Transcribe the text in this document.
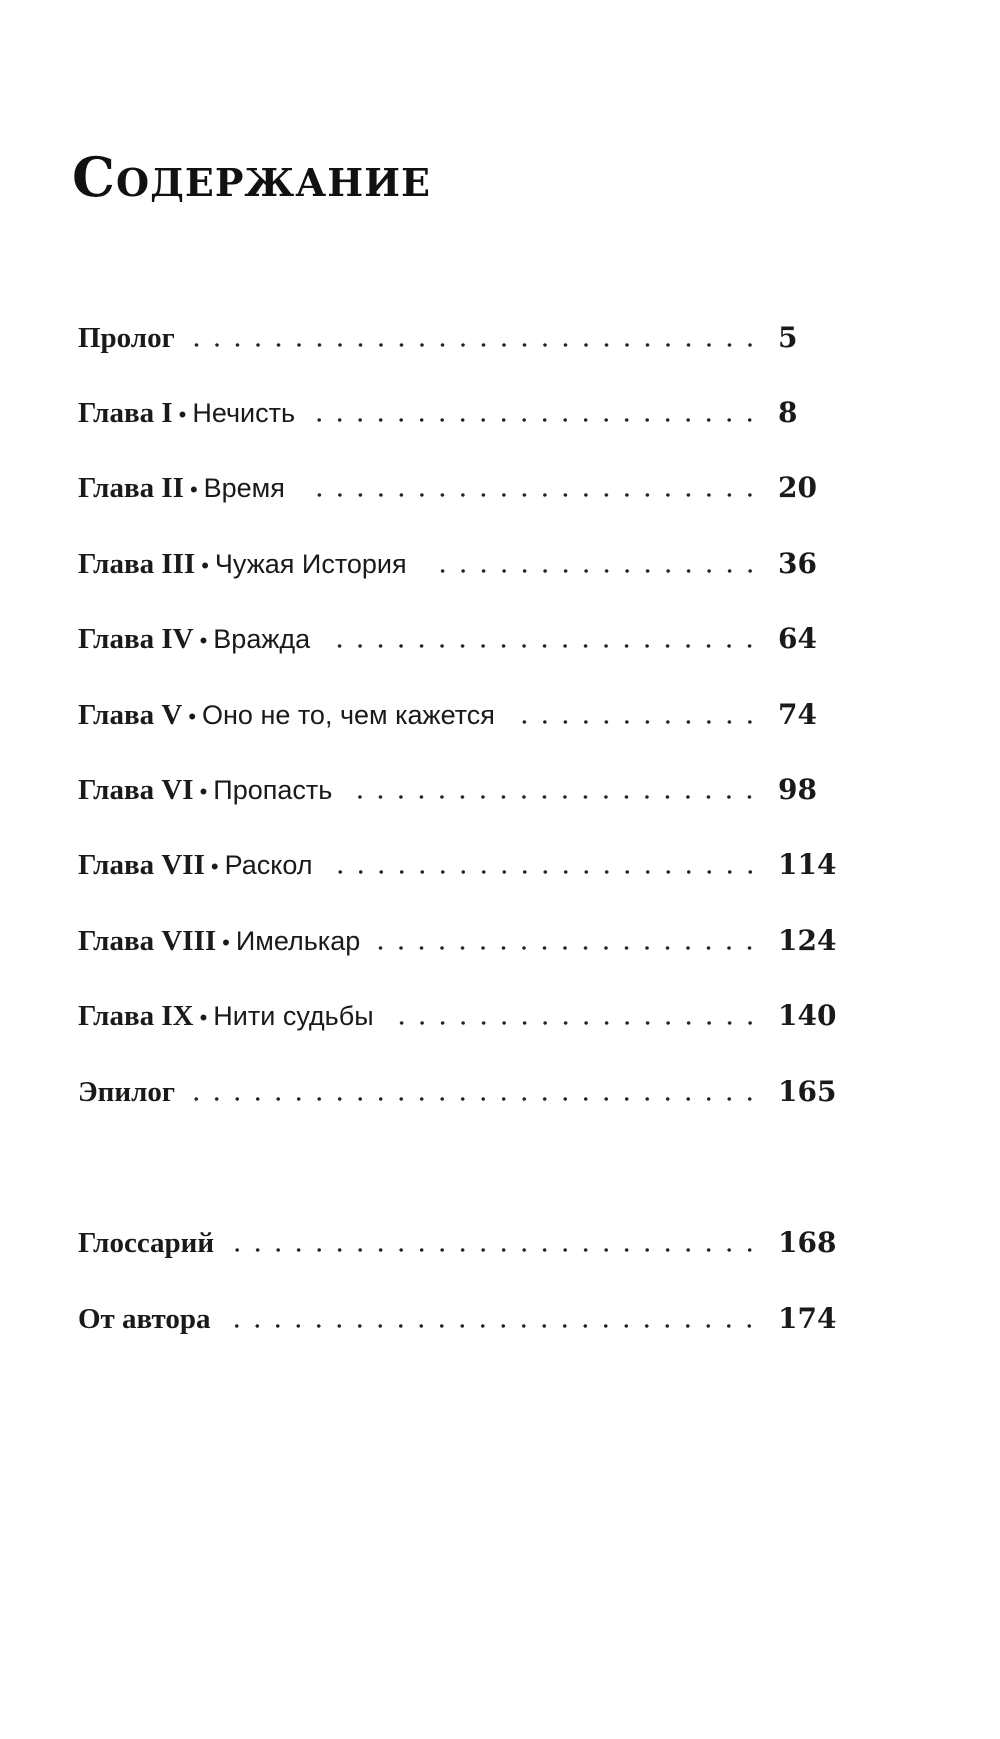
Содержание
Пролог	5
Глава I • Нечисть	8
Глава II • Время	20
Глава III • Чужая История	36
Глава IV • Вражда	64
Глава V • Оно не то, чем кажется	74
Глава VI • Пропасть	98
Глава VII • Раскол	114
Глава VIII • Имелькар	124
Глава IX • Нити судьбы	140
Эпилог	165
Глоссарий	168
От автора	174
